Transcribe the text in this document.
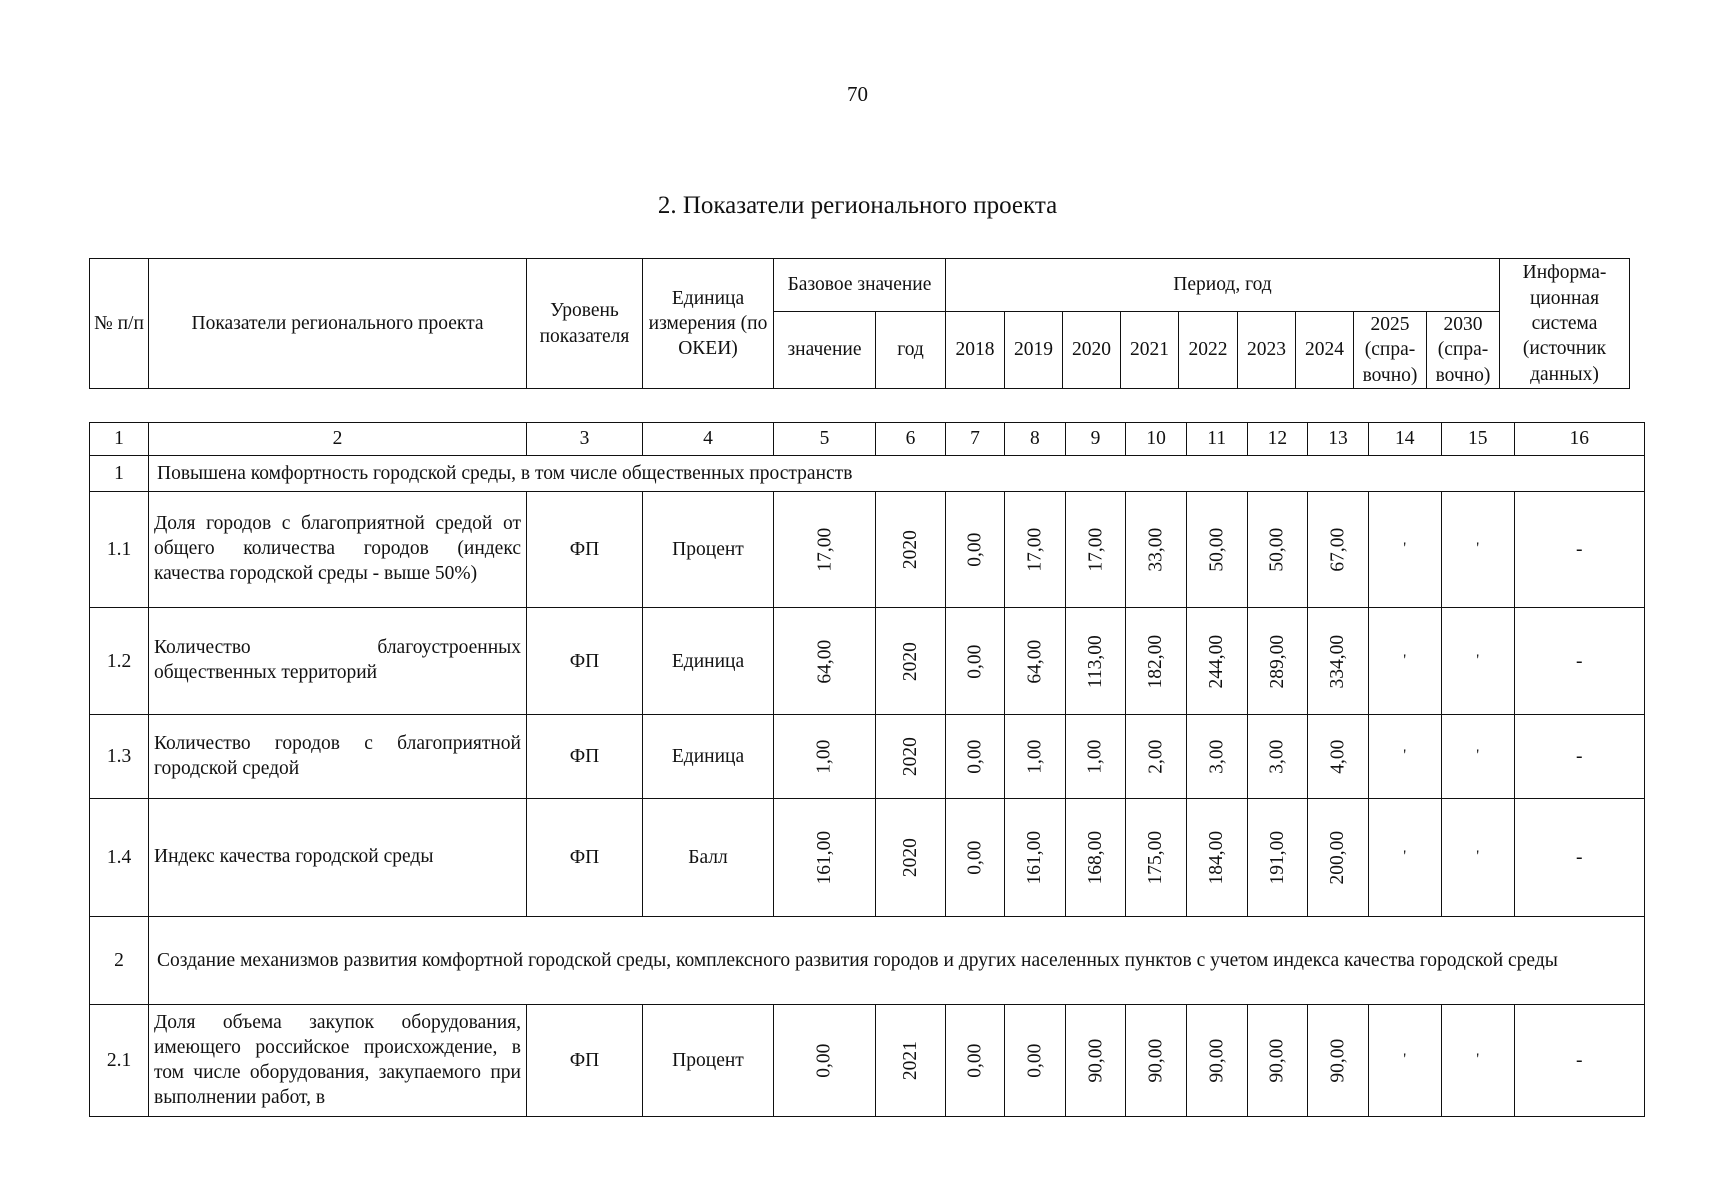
70
2. Показатели регионального проекта
№ п/п	Показатели регионального проекта	Уровень показателя	Единица измерения (по ОКЕИ)	Базовое значение		Период, год									Информа-ционная система (источник данных)
				значение	год	2018	2019	2020	2021	2022	2023	2024	2025 (спра-вочно)	2030 (спра-вочно)	
1	2	3	4	5	6	7	8	9	10	11	12	13	14	15	16
1	Повышена комфортность городской среды, в том числе общественных пространств														
1.1	Доля городов с благоприятной средой от общего количества городов (индекс качества городской среды - выше 50%)	ФП	Процент	17,00	2020	0,00	17,00	17,00	33,00	50,00	50,00	67,00	'	'	-
1.2	Количество благоустроенных общественных территорий	ФП	Единица	64,00	2020	0,00	64,00	113,00	182,00	244,00	289,00	334,00	'	'	-
1.3	Количество городов с благоприятной городской средой	ФП	Единица	1,00	2020	0,00	1,00	1,00	2,00	3,00	3,00	4,00	'	'	-
1.4	Индекс качества городской среды	ФП	Балл	161,00	2020	0,00	161,00	168,00	175,00	184,00	191,00	200,00	'	'	-
2	Создание механизмов развития комфортной городской среды, комплексного развития городов и других населенных пунктов с учетом индекса качества городской среды														
2.1	Доля объема закупок оборудования, имеющего российское происхождение, в том числе оборудования, закупаемого при выполнении работ, в	ФП	Процент	0,00	2021	0,00	0,00	90,00	90,00	90,00	90,00	90,00	'	'	-
